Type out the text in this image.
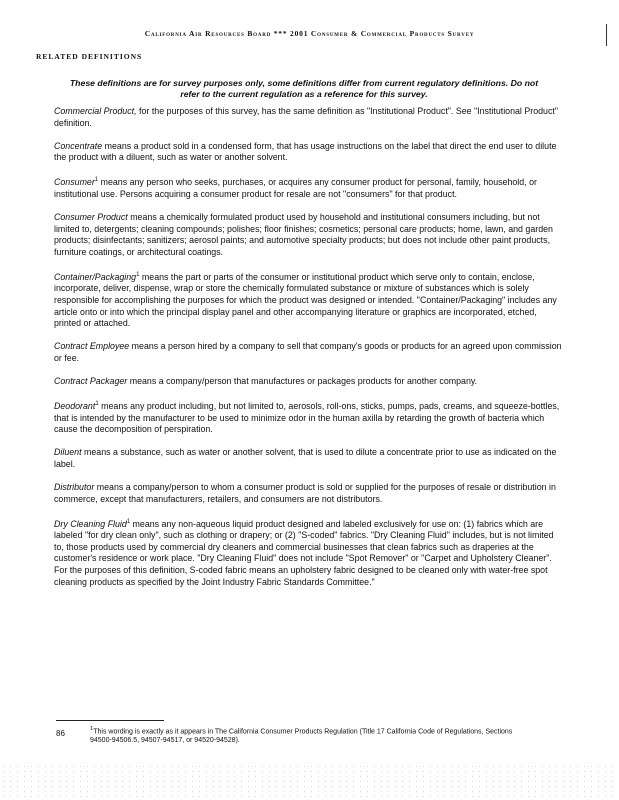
California Air Resources Board *** 2001 Consumer & Commercial Products Survey
RELATED DEFINITIONS
These definitions are for survey purposes only, some definitions differ from current regulatory definitions. Do not refer to the current regulation as a reference for this survey.

Commercial Product, for the purposes of this survey, has the same definition as "Institutional Product". See "Institutional Product" definition.

Concentrate means a product sold in a condensed form, that has usage instructions on the label that direct the end user to dilute the product with a diluent, such as water or another solvent.

Consumer$^1$ means any person who seeks, purchases, or acquires any consumer product for personal, family, household, or institutional use. Persons acquiring a consumer product for resale are not "consumers" for that product.

Consumer Product means a chemically formulated product used by household and institutional consumers including, but not limited to, detergents; cleaning compounds; polishes; floor finishes; cosmetics; personal care products; home, lawn, and garden products; disinfectants; sanitizers; aerosol paints; and automotive specialty products; but does not include other paint products, furniture coatings, or architectural coatings.

Container/Packaging$^1$ means the part or parts of the consumer or institutional product which serve only to contain, enclose, incorporate, deliver, dispense, wrap or store the chemically formulated substance or mixture of substances which is solely responsible for accomplishing the purposes for which the product was designed or intended. "Container/Packaging" includes any article onto or into which the principal display panel and other accompanying literature or graphics are incorporated, etched, printed or attached.

Contract Employee means a person hired by a company to sell that company's goods or products for an agreed upon commission or fee.

Contract Packager means a company/person that manufactures or packages products for another company.

Deodorant$^1$ means any product including, but not limited to, aerosols, roll-ons, sticks, pumps, pads, creams, and squeeze-bottles, that is intended by the manufacturer to be used to minimize odor in the human axilla by retarding the growth of bacteria which cause the decomposition of perspiration.

Diluent means a substance, such as water or another solvent, that is used to dilute a concentrate prior to use as indicated on the label.

Distributor means a company/person to whom a consumer product is sold or supplied for the purposes of resale or distribution in commerce, except that manufacturers, retailers, and consumers are not distributors.

Dry Cleaning Fluid$^1$ means any non-aqueous liquid product designed and labeled exclusively for use on: (1) fabrics which are labeled "for dry clean only", such as clothing or drapery; or (2) "S-coded" fabrics. "Dry Cleaning Fluid" includes, but is not limited to, those products used by commercial dry cleaners and commercial businesses that clean fabrics such as draperies at the customer's residence or work place. "Dry Cleaning Fluid" does not include "Spot Remover" or "Carpet and Upholstery Cleaner". For the purposes of this definition, S-coded fabric means an upholstery fabric designed to be cleaned only with water-free spot cleaning products as specified by the Joint Industry Fabric Standards Committee."

86	$^1$This wording is exactly as it appears in The California Consumer Products Regulation (Title 17 California Code of Regulations, Sections 94500-94506.5, 94507-94517, or 94520-94528).
